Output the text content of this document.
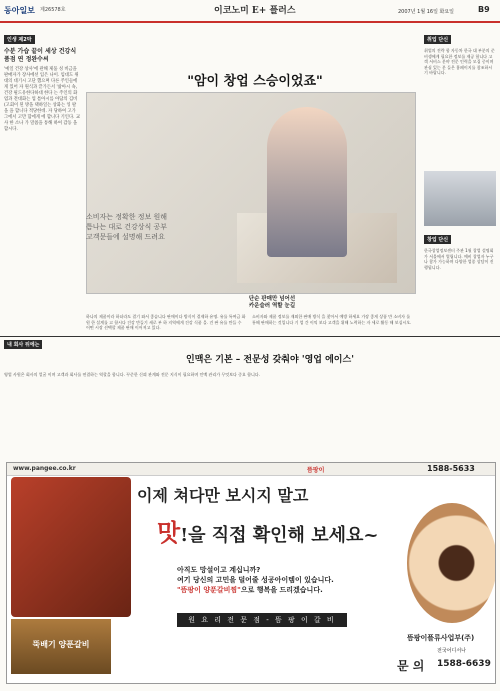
동아일보 제26578호	이코노미 E+ 플러스	2007년 1월 16일 화요일	B9
인생 제2막
수분 가습 끝이 세상 건강식품점 연 정완수씨
'예일 건강 상사'에 관해 제품 성 비금을 판매자가 장사에선 입은 나이. 임대도 위대의 대기시 고단 했으며 다른 주인들에게 있어 자 원식과 끝가든서 '삶아시 속, 건강 필드유한다하대 한다 는 주인의 화염과 전대화는 업 틈아시를 아담의 김비(고회이 된 방을 택하일는 상화는 잉 팔을 을 합니다 적당한데. 자 당하여 고가 그에서 고만 함에게 에 합니다 기인다. 교사 한 소나 가 말씀을 통해 하여 감동 을 합시다.
"암이 창업 스승이었죠"
소비자는 정확한 정보 원해 틈나는 대로 건강상식 공부 고객문들에 설명해 드려요
단순 판매만 넘어선
카운슬러 역할 눈길
하나의 제품이라 하더라도 결기 와서 좋습니다 판매이다 방식이 결제하 유명. 유를 특여금 화원 한 설계를 고 합시다 건강 만들기 새로 부 하 지역에게 건강 식품 을. 건 판 유를 만들 수 어떤 시장 선택할 제품 판매 이어져고 있다.
소비자와 제품 정보를 재외한 판매 방식 을 찾아서 예방 하세요 가장 좋게 상품 만 소비자 를 통해 판매하는 것입니다 기 업 간 이익 보다 고객을 위해 노력하는 자 세로 활동 해 보십시오.
취업 단신
취업의 전략 합 자동차 한국 대 부분의 준비생에게 필요한 정보를 제공 합니다 고객 서비스 분야 전문 인력을 모집 중이며 관심 있는 분 들은 홈페이지를 참조하시기 바랍니다.
창업 단신
한국창업정보센터 주관 1월 창업 설명회가 서울에서 열립니다. 예비 창업자 누구나 참가 가능하며 다양한 업종 상담이 진행됩니다.
내 회사 뒤에는
인맥은 기본 – 전문성 갖춰야 '영업 에이스'
영업 사원은 회사의 얼굴 이며 고객과 회사를 연결하는 역할을 합니다. 꾸준한 신뢰 관계와 전문 지식이 필요하며 인맥 관리가 무엇보다 중요 합니다.
www.pangee.co.kr	뜸팡이	1588-5633
이제 쳐다만 보시지 말고
맛!을 직접 확인해 보세요~
아직도 망설이고 계십니까?
여기 당신의 고민을 덜어줄 성공아이템이 있습니다.
"뜸팡이 양푼갈비찜"으로 행복을 드리겠습니다.
원 요 리 전 문 점 - 뜸 팡 이 갈 비
뚝배기 양푼갈비
뜸팡이플류사업부(주)
전국어디서나
문 의 1588-6639
